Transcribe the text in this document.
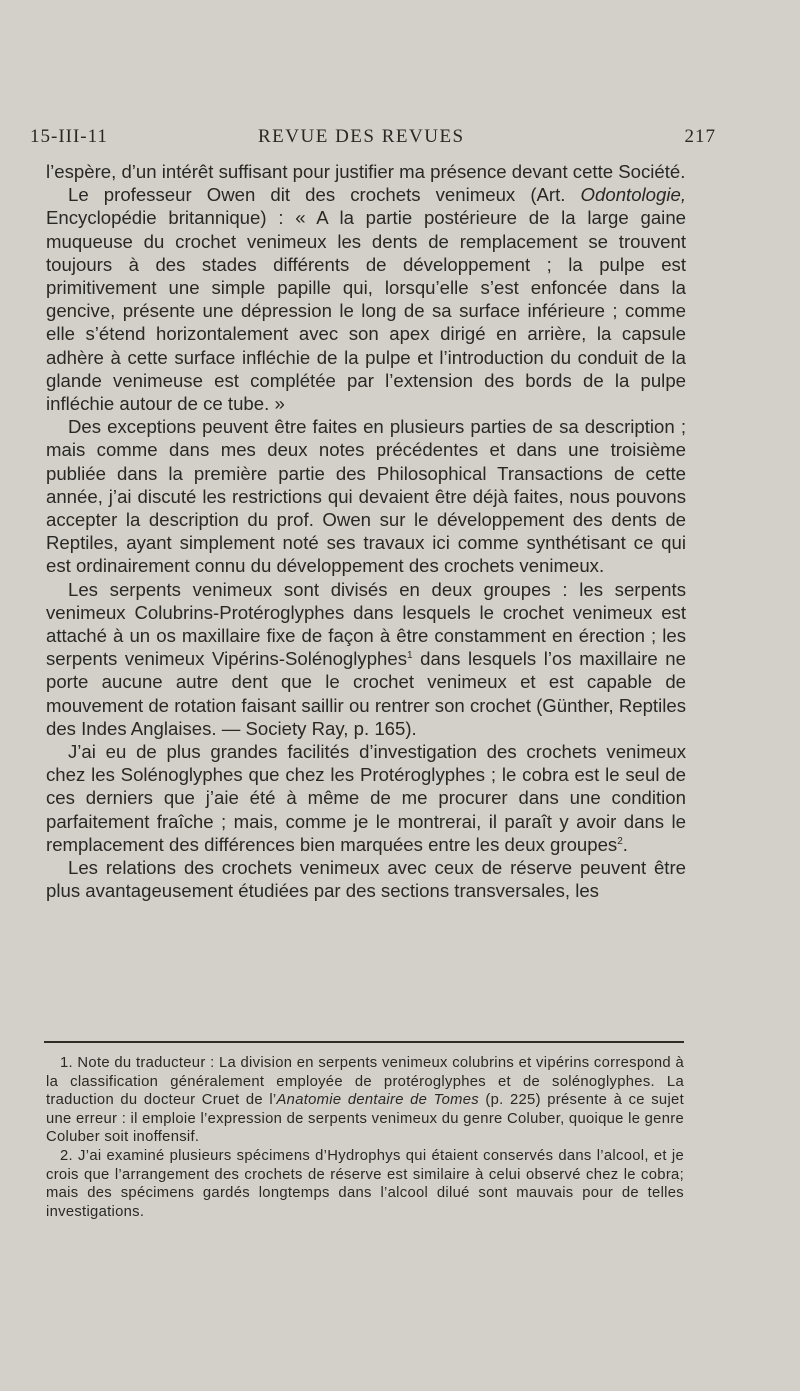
15-III-11	REVUE DES REVUES	217

l’espère, d’un intérêt suffisant pour justifier ma présence devant cette Société.

Le professeur Owen dit des crochets venimeux (Art. Odontologie, Encyclopédie britannique) : « A la partie postérieure de la large gaine muqueuse du crochet venimeux les dents de remplacement se trouvent toujours à des stades différents de développement ; la pulpe est primitivement une simple papille qui, lorsqu’elle s’est enfoncée dans la gencive, présente une dépression le long de sa surface inférieure ; comme elle s’étend horizontalement avec son apex dirigé en arrière, la capsule adhère à cette surface infléchie de la pulpe et l’introduction du conduit de la glande venimeuse est complétée par l’extension des bords de la pulpe infléchie autour de ce tube. »

Des exceptions peuvent être faites en plusieurs parties de sa description ; mais comme dans mes deux notes précédentes et dans une troisième publiée dans la première partie des Philosophical Transactions de cette année, j’ai discuté les restrictions qui devaient être déjà faites, nous pouvons accepter la description du prof. Owen sur le développement des dents de Reptiles, ayant simplement noté ses travaux ici comme synthétisant ce qui est ordinairement connu du développement des crochets venimeux.

Les serpents venimeux sont divisés en deux groupes : les serpents venimeux Colubrins-Protéroglyphes dans lesquels le crochet venimeux est attaché à un os maxillaire fixe de façon à être constamment en érection ; les serpents venimeux Vipérins-Solénoglyphes$^1$ dans lesquels l’os maxillaire ne porte aucune autre dent que le crochet venimeux et est capable de mouvement de rotation faisant saillir ou rentrer son crochet (Günther, Reptiles des Indes Anglaises. — Society Ray, p. 165).

J’ai eu de plus grandes facilités d’investigation des crochets venimeux chez les Solénoglyphes que chez les Protéroglyphes ; le cobra est le seul de ces derniers que j’aie été à même de me procurer dans une condition parfaitement fraîche ; mais, comme je le montrerai, il paraît y avoir dans le remplacement des différences bien marquées entre les deux groupes$^2$.

Les relations des crochets venimeux avec ceux de réserve peuvent être plus avantageusement étudiées par des sections transversales, les

1. Note du traducteur : La division en serpents venimeux colubrins et vipérins correspond à la classification généralement employée de protéroglyphes et de solénoglyphes. La traduction du docteur Cruet de l’Anatomie dentaire de Tomes (p. 225) présente à ce sujet une erreur : il emploie l’expression de serpents venimeux du genre Coluber, quoique le genre Coluber soit inoffensif.

2. J’ai examiné plusieurs spécimens d’Hydrophys qui étaient conservés dans l’alcool, et je crois que l’arrangement des crochets de réserve est similaire à celui observé chez le cobra; mais des spécimens gardés longtemps dans l’alcool dilué sont mauvais pour de telles investigations.
